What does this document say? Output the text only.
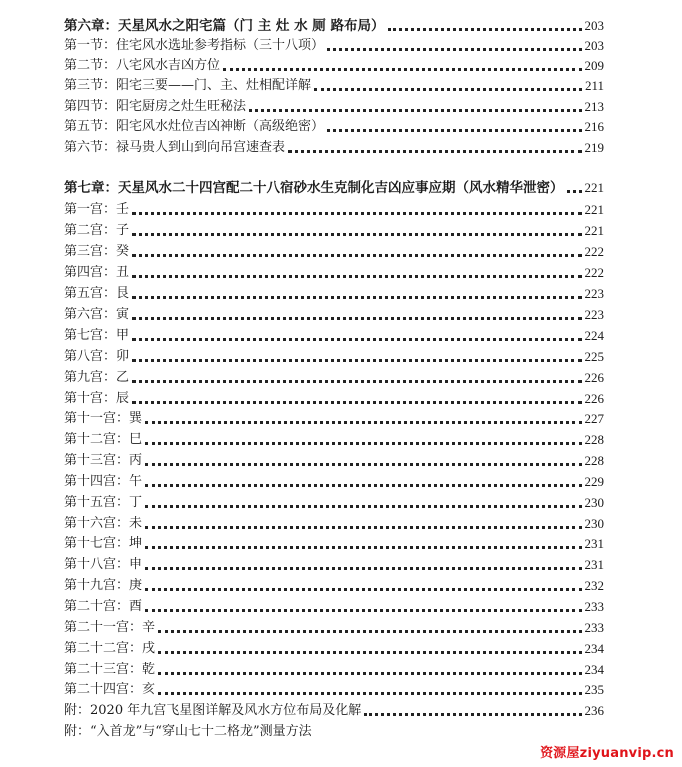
第六章：天星风水之阳宅篇（门 主 灶 水 厕 路布局）	203
第一节：住宅风水选址参考指标（三十八项）	203
第二节：八宅风水吉凶方位	209
第三节：阳宅三要——门、主、灶相配详解	211
第四节：阳宅厨房之灶生旺秘法	213
第五节：阳宅风水灶位吉凶神断（高级绝密）	216
第六节：禄马贵人到山到向吊宫速查表	219
第七章：天星风水二十四宫配二十八宿砂水生克制化吉凶应事应期（风水精华泄密） 221
第一宫：壬	221
第二宫：子	221
第三宫：癸	222
第四宫：丑	222
第五宫：艮	223
第六宫：寅	223
第七宫：甲	224
第八宫：卯	225
第九宫：乙	226
第十宫：辰	226
第十一宫：巽	227
第十二宫：巳	228
第十三宫：丙	228
第十四宫：午	229
第十五宫：丁	230
第十六宫：未	230
第十七宫：坤	231
第十八宫：申	231
第十九宫：庚	232
第二十宫：酉	233
第二十一宫：辛	233
第二十二宫：戌	234
第二十三宫：乾	234
第二十四宫：亥	235
附：2020 年九宫飞星图详解及风水方位布局及化解	236
附：“入首龙”与“穿山七十二格龙”测量方法
资源屋ziyuanvip.cn
